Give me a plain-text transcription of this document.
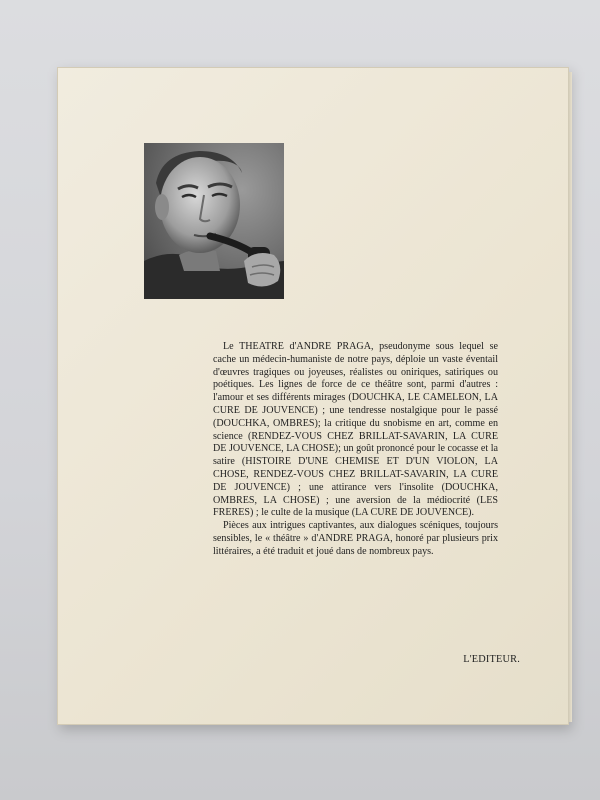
Le THEATRE d'ANDRE PRAGA, pseudonyme sous lequel se cache un médecin-humaniste de notre pays, déploie un vaste éventail d'œuvres tragiques ou joyeuses, réalistes ou oniriques, satiriques ou poétiques. Les lignes de force de ce théâtre sont, parmi d'autres : l'amour et ses différents mirages (DOUCHKA, LE CAMELEON, LA CURE DE JOUVENCE) ; une tendresse nostalgique pour le passé (DOUCHKA, OMBRES); la critique du snobisme en art, comme en science (RENDEZ-VOUS CHEZ BRILLAT-SAVARIN, LA CURE DE JOUVENCE, LA CHOSE); un goût prononcé pour le cocasse et la satire (HISTOIRE D'UNE CHEMISE ET D'UN VIOLON, LA CHOSE, RENDEZ-VOUS CHEZ BRILLAT-SAVARIN, LA CURE DE JOUVENCE) ; une attirance vers l'insolite (DOUCHKA, OMBRES, LA CHOSE) ; une aversion de la médiocrité (LES FRERES) ; le culte de la musique (LA CURE DE JOUVENCE).

Pièces aux intrigues captivantes, aux dialogues scéniques, toujours sensibles, le « théâtre » d'ANDRE PRAGA, honoré par plusieurs prix littéraires, a été traduit et joué dans de nombreux pays.

L'EDITEUR.
